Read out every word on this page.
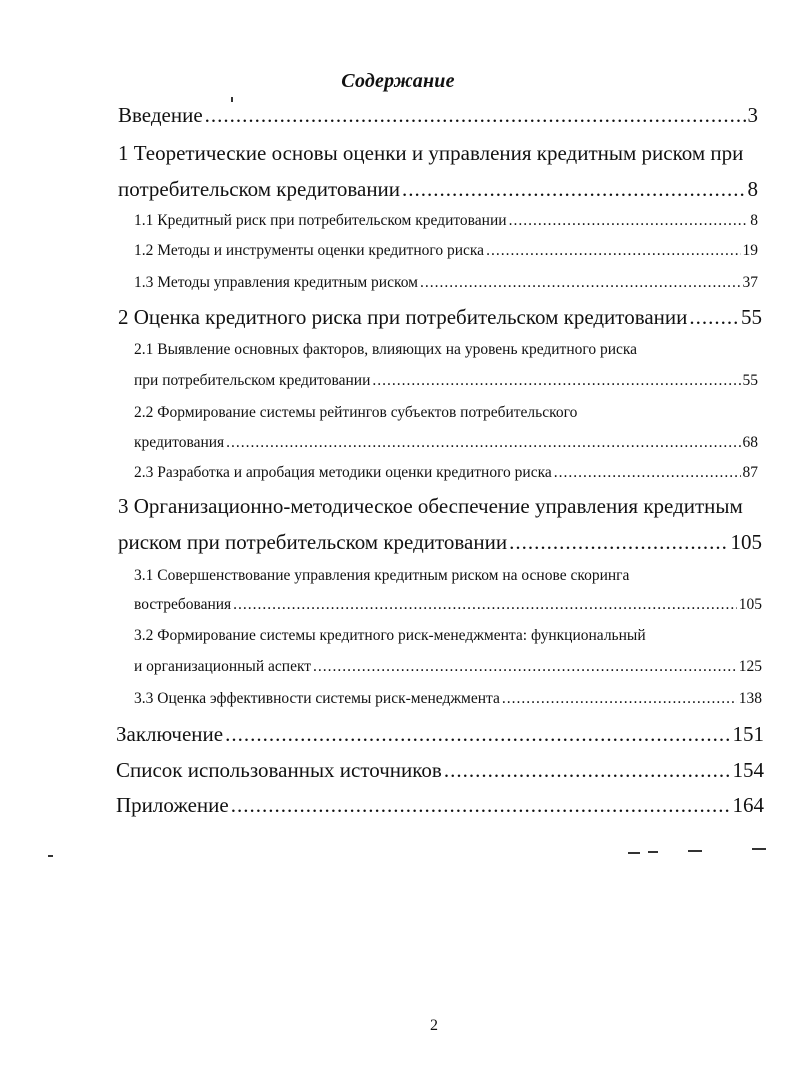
Содержание
Введение .....	3
1 Теоретические основы оценки и управления кредитным риском при
потребительском кредитовании .....	8
1.1 Кредитный риск при потребительском кредитовании .....	8
1.2 Методы и инструменты оценки кредитного риска .....	19
1.3 Методы управления кредитным риском .....	37
2 Оценка кредитного риска при потребительском кредитовании .....	55
2.1 Выявление основных факторов, влияющих на уровень кредитного риска
при потребительском кредитовании .....	55
2.2 Формирование системы рейтингов субъектов потребительского
кредитования .....	68
2.3 Разработка и апробация методики оценки кредитного риска .....	87
3 Организационно-методическое обеспечение управления кредитным
риском при потребительском кредитовании .....	105
3.1 Совершенствование управления кредитным риском на основе скоринга
востребования .....	105
3.2 Формирование системы кредитного риск-менеджмента: функциональный
и организационный аспект .....	125
3.3 Оценка эффективности системы риск-менеджмента .....	138
Заключение .....	151
Список использованных источников .....	154
Приложение .....	164
2
